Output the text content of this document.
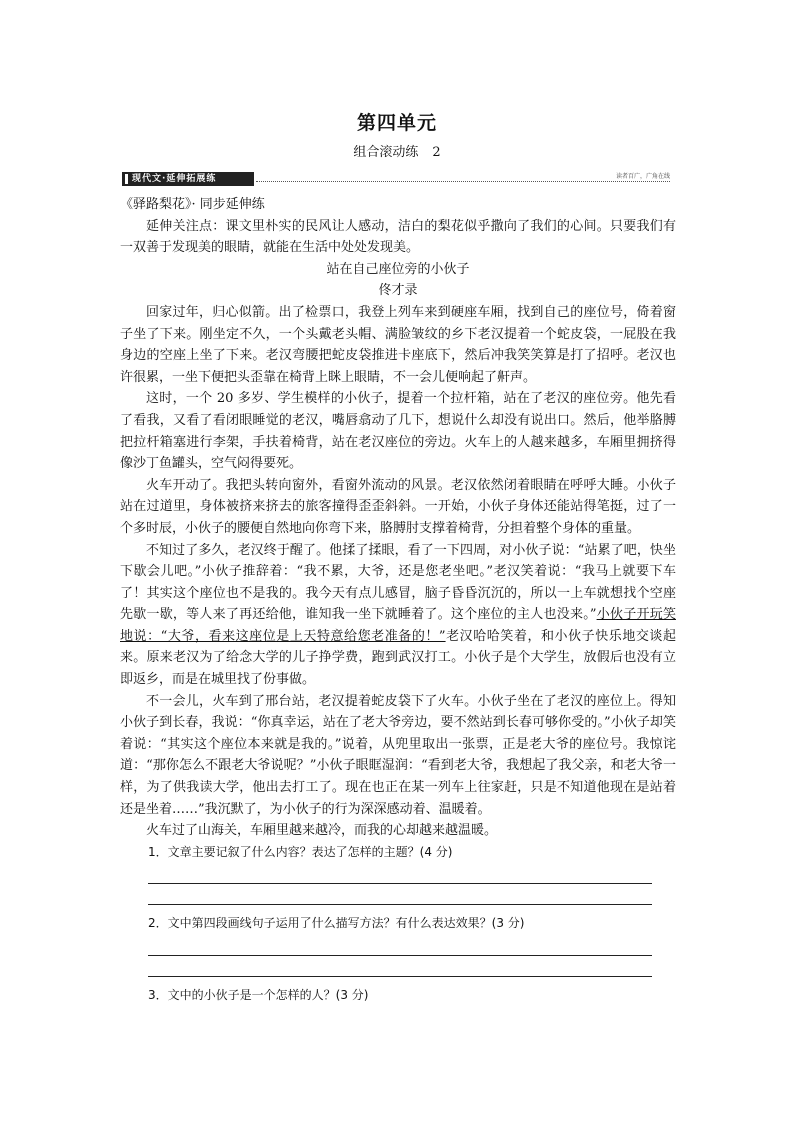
第四单元
组合滚动练 2
现代文·延伸拓展练	读者百广，广角在线

《驿路梨花》· 同步延伸练

延伸关注点：课文里朴实的民风让人感动，洁白的梨花似乎撒向了我们的心间。只要我们有一双善于发现美的眼睛，就能在生活中处处发现美。

站在自己座位旁的小伙子

佟才录

回家过年，归心似箭。出了检票口，我登上列车来到硬座车厢，找到自己的座位号，倚着窗子坐了下来。刚坐定不久，一个头戴老头帽、满脸皱纹的乡下老汉提着一个蛇皮袋，一屁股在我身边的空座上坐了下来。老汉弯腰把蛇皮袋推进卡座底下，然后冲我笑笑算是打了招呼。老汉也许很累，一坐下便把头歪靠在椅背上眯上眼睛，不一会儿便响起了鼾声。

这时，一个 20 多岁、学生模样的小伙子，提着一个拉杆箱，站在了老汉的座位旁。他先看了看我，又看了看闭眼睡觉的老汉，嘴唇翕动了几下，想说什么却没有说出口。然后，他举胳膊把拉杆箱塞进行李架，手扶着椅背，站在老汉座位的旁边。火车上的人越来越多，车厢里拥挤得像沙丁鱼罐头，空气闷得要死。

火车开动了。我把头转向窗外，看窗外流动的风景。老汉依然闭着眼睛在呼呼大睡。小伙子站在过道里，身体被挤来挤去的旅客撞得歪歪斜斜。一开始，小伙子身体还能站得笔挺，过了一个多时辰，小伙子的腰便自然地向你弯下来，胳膊肘支撑着椅背，分担着整个身体的重量。

不知过了多久，老汉终于醒了。他揉了揉眼，看了一下四周，对小伙子说：“站累了吧，快坐下歇会儿吧。”小伙子推辞着：“我不累，大爷，还是您老坐吧。”老汉笑着说：“我马上就要下车了！其实这个座位也不是我的。我今天有点儿感冒，脑子昏昏沉沉的，所以一上车就想找个空座先歇一歇，等人来了再还给他，谁知我一坐下就睡着了。这个座位的主人也没来。”小伙子开玩笑地说：“大爷，看来这座位是上天特意给您老准备的！”老汉哈哈笑着，和小伙子快乐地交谈起来。原来老汉为了给念大学的儿子挣学费，跑到武汉打工。小伙子是个大学生，放假后也没有立即返乡，而是在城里找了份事做。

不一会儿，火车到了邢台站，老汉提着蛇皮袋下了火车。小伙子坐在了老汉的座位上。得知小伙子到长春，我说：“你真幸运，站在了老大爷旁边，要不然站到长春可够你受的。”小伙子却笑着说：“其实这个座位本来就是我的。”说着，从兜里取出一张票，正是老大爷的座位号。我惊诧道：“那你怎么不跟老大爷说呢？”小伙子眼眶湿润：“看到老大爷，我想起了我父亲，和老大爷一样，为了供我读大学，他出去打工了。现在也正在某一列车上往家赶，只是不知道他现在是站着还是坐着……”我沉默了，为小伙子的行为深深感动着、温暖着。

火车过了山海关，车厢里越来越冷，而我的心却越来越温暖。

1．文章主要记叙了什么内容？表达了怎样的主题？(4 分)

2．文中第四段画线句子运用了什么描写方法？有什么表达效果？(3 分)

3．文中的小伙子是一个怎样的人？(3 分)
